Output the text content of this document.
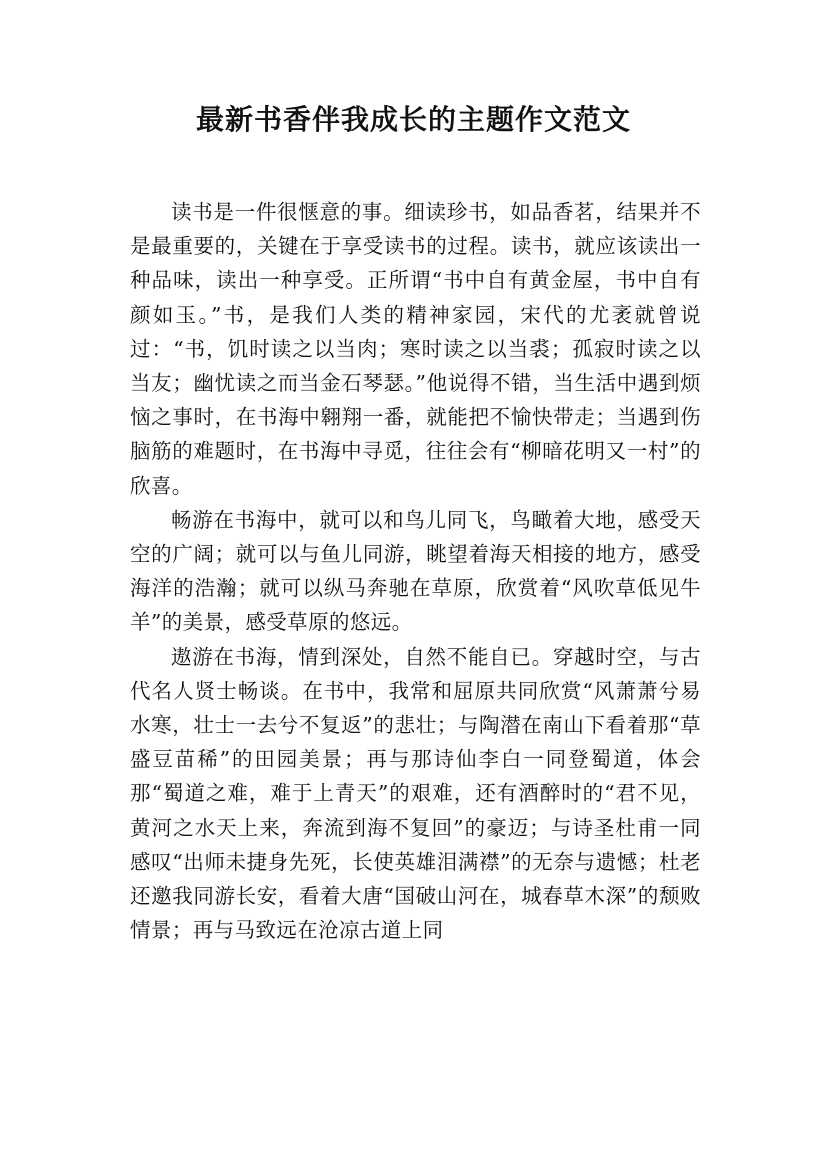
最新书香伴我成长的主题作文范文

读书是一件很惬意的事。细读珍书，如品香茗，结果并不是最重要的，关键在于享受读书的过程。读书，就应该读出一种品味，读出一种享受。正所谓“书中自有黄金屋，书中自有颜如玉。”书，是我们人类的精神家园，宋代的尤袤就曾说过：“书，饥时读之以当肉；寒时读之以当裘；孤寂时读之以当友；幽忧读之而当金石琴瑟。”他说得不错，当生活中遇到烦恼之事时，在书海中翱翔一番，就能把不愉快带走；当遇到伤脑筋的难题时，在书海中寻觅，往往会有“柳暗花明又一村”的欣喜。

畅游在书海中，就可以和鸟儿同飞，鸟瞰着大地，感受天空的广阔；就可以与鱼儿同游，眺望着海天相接的地方，感受海洋的浩瀚；就可以纵马奔驰在草原，欣赏着“风吹草低见牛羊”的美景，感受草原的悠远。

遨游在书海，情到深处，自然不能自已。穿越时空，与古代名人贤士畅谈。在书中，我常和屈原共同欣赏“风萧萧兮易水寒，壮士一去兮不复返”的悲壮；与陶潜在南山下看着那“草盛豆苗稀”的田园美景；再与那诗仙李白一同登蜀道，体会那“蜀道之难，难于上青天”的艰难，还有酒醉时的“君不见，黄河之水天上来，奔流到海不复回”的豪迈；与诗圣杜甫一同感叹“出师未捷身先死，长使英雄泪满襟”的无奈与遗憾；杜老还邀我同游长安，看着大唐“国破山河在，城春草木深”的颓败情景；再与马致远在沧凉古道上同
